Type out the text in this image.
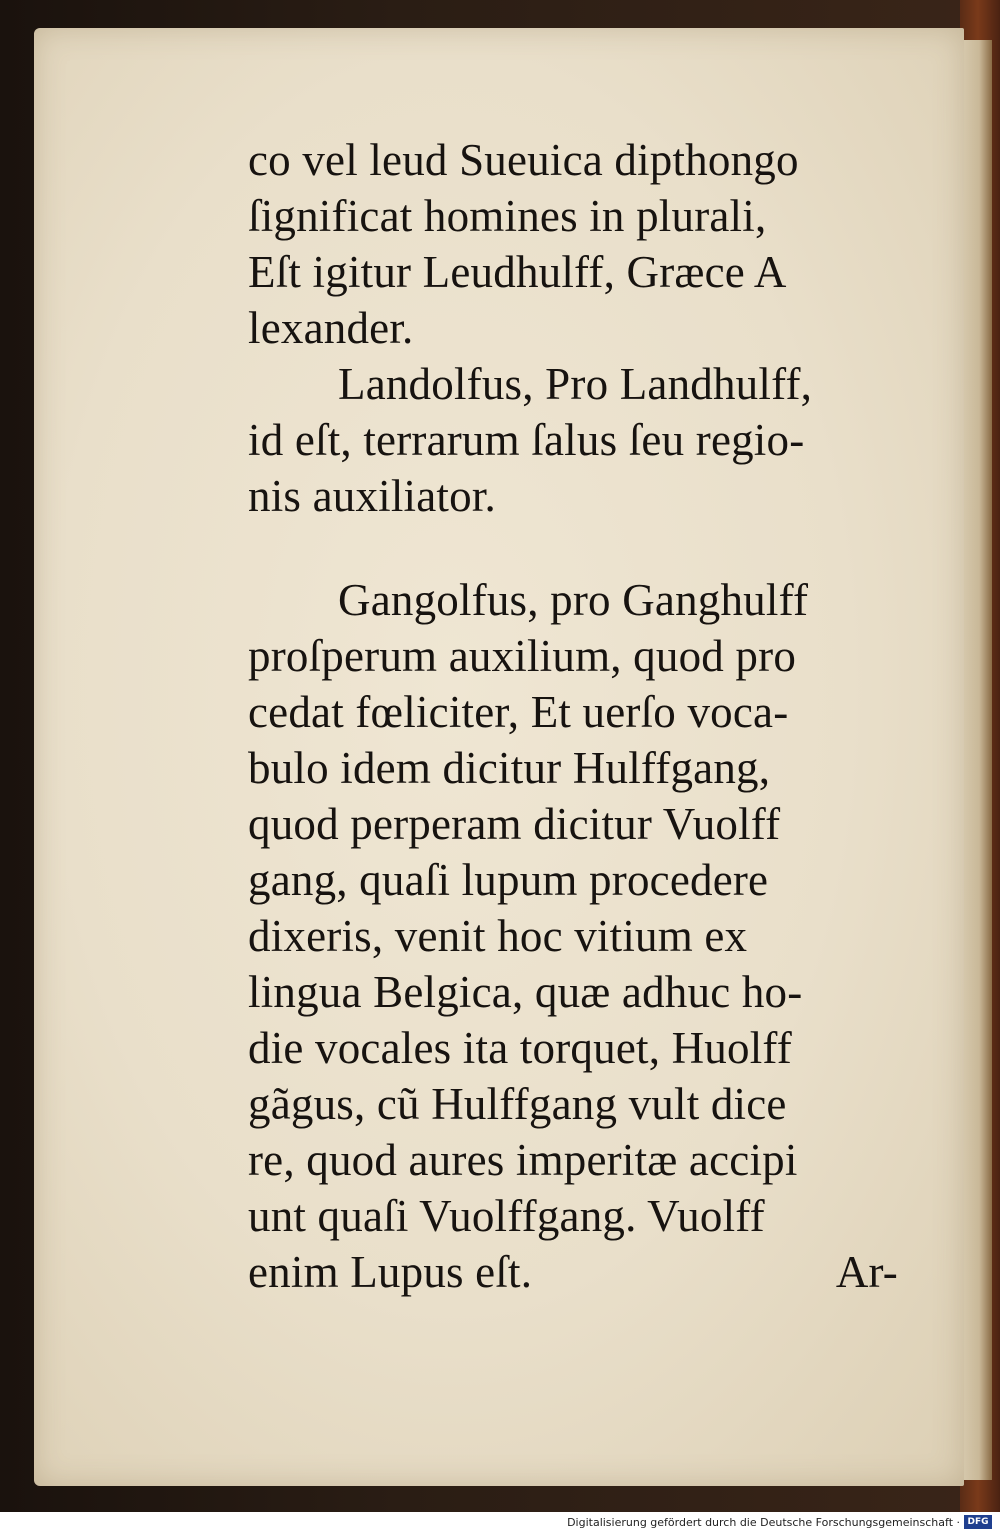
co vel leud Sueuica dipthongo
ſignificat homines in plurali,
Eſt igitur Leudhulff, Græce A
lexander.
Landolfus, Pro Landhulff,
id eſt, terrarum ſalus ſeu regio-
nis auxiliator.
Gangolfus, pro Ganghulff
proſperum auxilium, quod pro
cedat fœliciter, Et uerſo voca-
bulo idem dicitur Hulffgang,
quod perperam dicitur Vuolff
gang, quaſi lupum procedere
dixeris, venit hoc vitium ex
lingua Belgica, quæ adhuc ho-
die vocales ita torquet, Huolff
gãgus, cũ Hulffgang vult dice
re, quod aures imperitæ accipi
unt quaſi Vuolffgang. Vuolff
enim Lupus eſt.	Ar-
Digitalisierung gefördert durch die Deutsche Forschungsgemeinschaft · DFG
